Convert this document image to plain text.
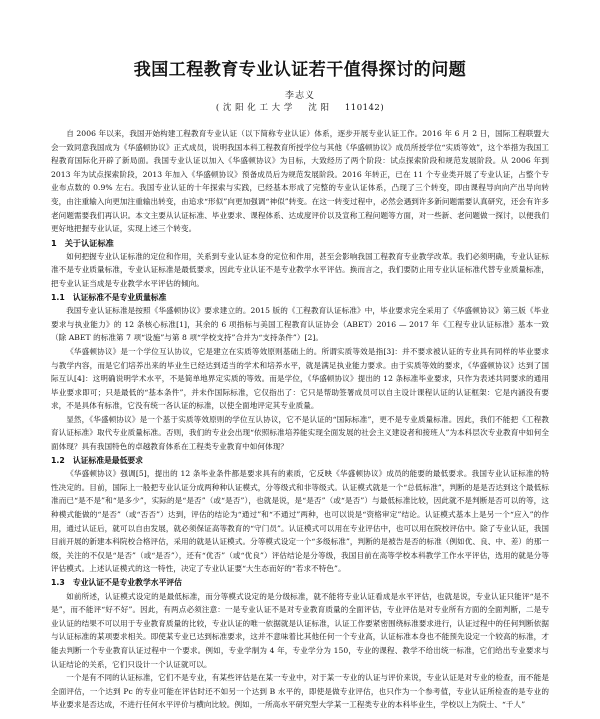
我国工程教育专业认证若干值得探讨的问题
李志义
( 沈 阳 化 工 大 学 　 沈 阳 　 110142)

自 2006 年以来，我国开始构建工程教育专业认证（以下简称专业认证）体系，逐步开展专业认证工作。2016 年 6 月 2 日，国际工程联盟大会一致同意我国成为《华盛顿协议》正式成员，说明我国本科工程教育所授学位与其他《华盛顿协议》成员所授学位“实质等效”，这个举措为我国工程教育国际化开辟了新局面。我国专业认证以加入《华盛顿协议》为目标，大致经历了两个阶段：试点探索阶段和规范发展阶段。从 2006 年到 2013 年为试点探索阶段，2013 年加入《华盛顿协议》预备成员后为规范发展阶段。2016 年转正，已在 11 个专业类开展了专业认证，占整个专业布点数的 0.9% 左右。我国专业认证的十年探索与实践，已经基本形成了完整的专业认证体系，凸现了三个转变，即由课程导向向产出导向转变，由注重输入向更加注重输出转变，由追求“形似”向更加强调“神似”转变。在这一转变过程中，必然会遇到许多新问题需要认真研究，还会有许多老问题需要我们再认识。本文主要从认证标准、毕业要求、课程体系、达成度评价以及宣称工程问题等方面，对一些新、老问题做一探讨，以便我们更好地把握专业认证，实现上述三个转变。

1 关于认证标准

如何把握专业认证标准的定位和作用，关系到专业认证本身的定位和作用，甚至会影响我国工程教育专业教学改革。我们必须明确，专业认证标准不是专业质量标准，专业认证标准是最低要求，因此专业认证不是专业教学水平评估。换而言之，我们要防止用专业认证标准代替专业质量标准，把专业认证当成是专业教学水平评估的倾向。

1.1 认证标准不是专业质量标准

我国专业认证标准是按照《华盛顿协议》要求建立的。2015 版的《工程教育认证标准》中，毕业要求完全采用了《华盛顿协议》第三版《毕业要求与执业能力》的 12 条核心标准[1]，其余的 6 项指标与美国工程教育认证协会（ABET）2016 — 2017 年《工程专业认证标准》基本一致（除 ABET 的标准第 7 项“设施”与第 8 项“学校支持”合并为“支持条件”）[2]。

《华盛顿协议》是一个学位互认协议，它是建立在实质等效原则基础上的。所谓实质等效是指[3]：并不要求被认证的专业具有同样的毕业要求与教学内容，而是它们培养出来的毕业生已经达到适当的学术和培养水平，就是满足执业能力要求。由于实质等效的要求，《华盛顿协议》达到了国际互认[4]：这明确说明学术水平，不是简单地界定实质的等效。而是学位，《华盛顿协议》提出的 12 条标准毕业要求，只作为表述共同要求的通用毕业要求即可；只是最低的“基本条件”，并未作国际标准，它仅指出了：它只是帮助签署成员可以自主设计课程认证的认证框架：它是内涵没有要求，不是具体有标准，它没有统一各认证的标准，以使全面地评定其专业质量。

显然，《华盛顿协议》是一个基于实质等效原则的学位互认协议，它不是认证的“国际标准”，更不是专业质量标准。因此，我们不能把《工程教育认证标准》取代专业质量标准。否则，我们的专业会出现“依照标准培养能实现全面发展的社会主义建设者和接班人”为本科层次专业教育中如何全面体现？具有我国特色的卓越教育体系在工程类专业教育中如何体现？

1.2 认证标准是最低要求

《华盛顿协议》强调[5]，提出的 12 条毕业条件都是要求具有的素质，它反映《华盛顿协议》成员的能要的最低要求。我国专业认证标准的特性决定的。目前，国际上一般把专业认证分成两种种认证模式，分等级式和非等级式。认证模式就是一个“总低标准”，判断的是是否达到这个最低标准而已“是不是”和“是多少”，实际的是“是否”（或“是否”），也就是说，是“是否”（或“是否”）与最低标准比较，因此就不是判断是否可以的等，这种模式能做的“是否”（或“否否”）达到，评估的结论为“通过”和“不通过”两种，也可以说是“资格审定”结论。认证模式基本上是另一个“应入”的作用，通过认证后，就可以自由发展，就必须保证高等教育的“守门员”。认证模式可以用在专业评估中，也可以用在院校评估中。除了专业认证，我国目前开展的新建本科院校合格评估，采用的就是认证模式。分等模式设定一个“多级标准”，判断的是被告是否的标准（例如优、良、中、差）的那一级，关注的不仅是“是否”（或“是否”），还有“优否”（或“优良”）评估结论是分等级，我国目前在高等学校本科教学工作水平评估，选用的就是分等评估模式。上述认证模式的这一特性，决定了专业认证要“大生态而好的“若求不特色”。

1.3 专业认证不是专业教学水平评估

如前所述，认证模式设定的是最低标准，而分等模式设定的是分级标准，就不能将专业认证看成是水平评估，也就是说，专业认证只能评“是不是”，而不能评“好不好”。因此，有两点必须注意：一是专业认证不是对专业教育质量的全面评估，专业评估是对专业所有方面的全面判断，二是专业认证的结果不可以用于专业教育质量的比较，专业认证的唯一依据就是认证标准，认证工作要紧密围绕标准要求进行，认证过程中的任何判断依据与认证标准的某项要求相关。即使某专业已达到标准要求，这并不意味着比其他任何一个专业高，认证标准本身也不能预先设定一个较高的标准，才能去判断一个专业教育认证过程中一个要求。例如，专业学制为 4 年，专业学分为 150，专业的课程、教学不给出统一标准，它们给出专业要求与认证结论的关系，它们只设计一个认证就可以。

一个是有不同的认证标准，它们不是专业，有某些评估是在某一专业中，对于某一专业的认证与评价来说，专业认证是对专业的检查，而不能是全面评估，一个达到 Pc 的专业可能在评估时还不如另一个达到 B 水平的，即使是做专业评估，也只作为一个参考值，专业认证所检查的是专业的毕业要求是否达成，不进行任何水平评价与横向比较。例如，一所高水平研究型大学某一工程类专业的本科毕业生，学校以上为院士、“千人”
